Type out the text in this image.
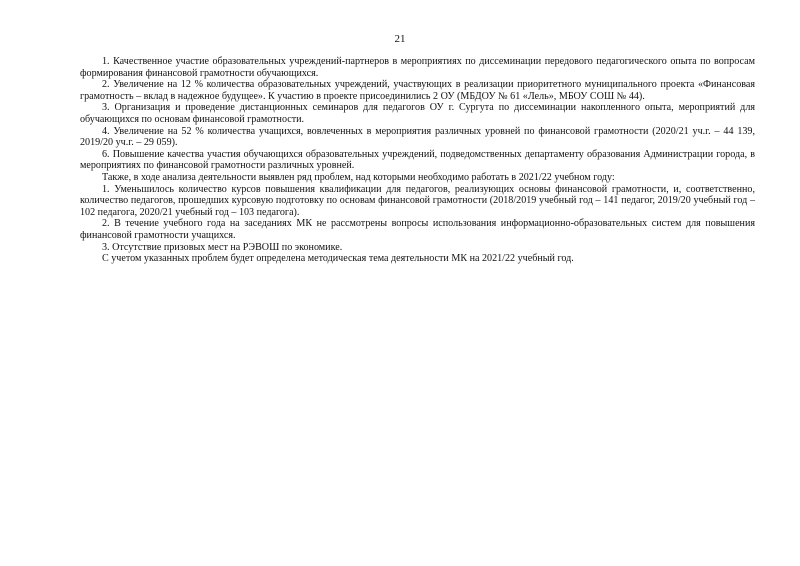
21

1. Качественное участие образовательных учреждений-партнеров в мероприятиях по диссеминации передового педагогического опыта по вопросам формирования финансовой грамотности обучающихся.

2. Увеличение на 12 % количества образовательных учреждений, участвующих в реализации приоритетного муниципального проекта «Финансовая грамотность – вклад в надежное будущее». К участию в проекте присоединились 2 ОУ (МБДОУ № 61 «Лель», МБОУ СОШ № 44).

3. Организация и проведение дистанционных семинаров для педагогов ОУ г. Сургута по диссеминации накопленного опыта, мероприятий для обучающихся по основам финансовой грамотности.

4. Увеличение на 52 % количества учащихся, вовлеченных в мероприятия различных уровней по финансовой грамотности (2020/21 уч.г. – 44 139, 2019/20 уч.г. – 29 059).

6. Повышение качества участия обучающихся образовательных учреждений, подведомственных департаменту образования Администрации города, в мероприятиях по финансовой грамотности различных уровней.

Также, в ходе анализа деятельности выявлен ряд проблем, над которыми необходимо работать в 2021/22 учебном году:

1. Уменьшилось количество курсов повышения квалификации для педагогов, реализующих основы финансовой грамотности, и, соответственно, количество педагогов, прошедших курсовую подготовку по основам финансовой грамотности (2018/2019 учебный год – 141 педагог, 2019/20 учебный год –102 педагога, 2020/21 учебный год – 103 педагога).

2. В течение учебного года на заседаниях МК не рассмотрены вопросы использования информационно-образовательных систем для повышения финансовой грамотности учащихся.

3. Отсутствие призовых мест на РЭВОШ по экономике.

С учетом указанных проблем будет определена методическая тема деятельности МК на 2021/22 учебный год.
